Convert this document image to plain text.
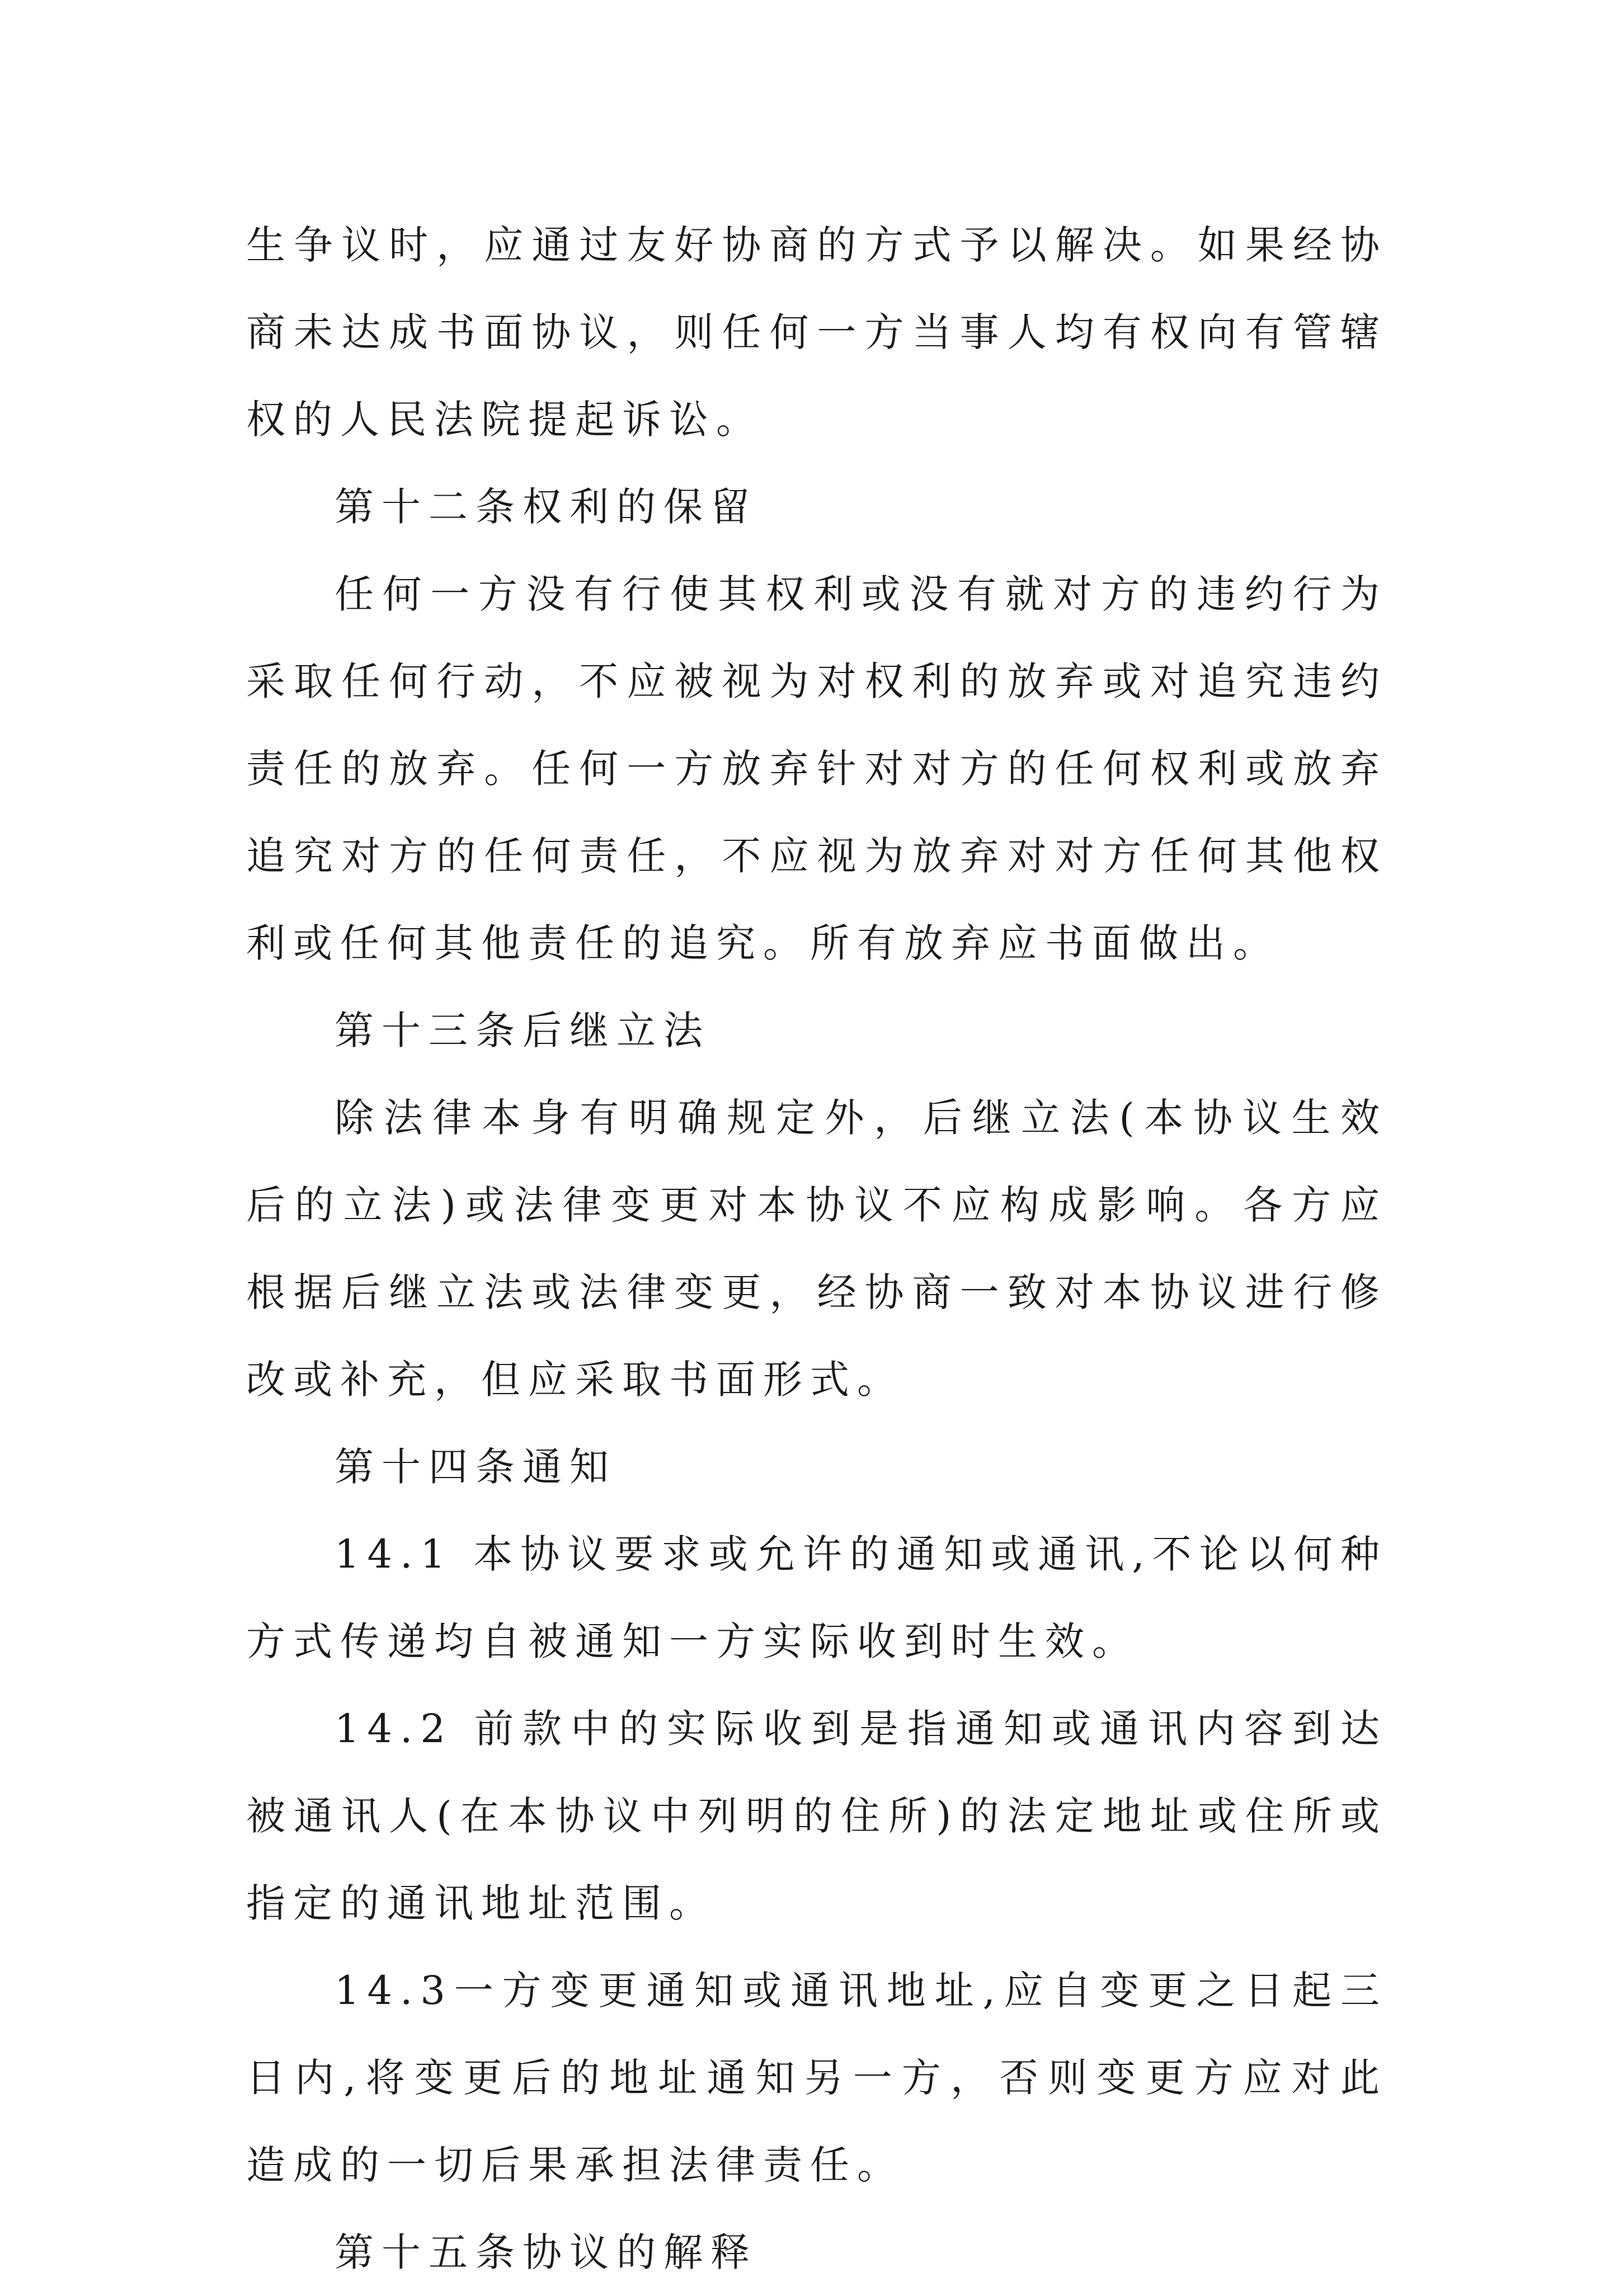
生争议时，应通过友好协商的方式予以解决。如果经协商未达成书面协议，则任何一方当事人均有权向有管辖权的人民法院提起诉讼。

第十二条权利的保留

任何一方没有行使其权利或没有就对方的违约行为采取任何行动，不应被视为对权利的放弃或对追究违约责任的放弃。任何一方放弃针对对方的任何权利或放弃追究对方的任何责任，不应视为放弃对对方任何其他权利或任何其他责任的追究。所有放弃应书面做出。

第十三条后继立法

除法律本身有明确规定外，后继立法(本协议生效后的立法)或法律变更对本协议不应构成影响。各方应根据后继立法或法律变更，经协商一致对本协议进行修改或补充，但应采取书面形式。

第十四条通知

14.1 本协议要求或允许的通知或通讯,不论以何种方式传递均自被通知一方实际收到时生效。

14.2 前款中的实际收到是指通知或通讯内容到达被通讯人(在本协议中列明的住所)的法定地址或住所或指定的通讯地址范围。

14.3一方变更通知或通讯地址,应自变更之日起三日内,将变更后的地址通知另一方，否则变更方应对此造成的一切后果承担法律责任。

第十五条协议的解释
